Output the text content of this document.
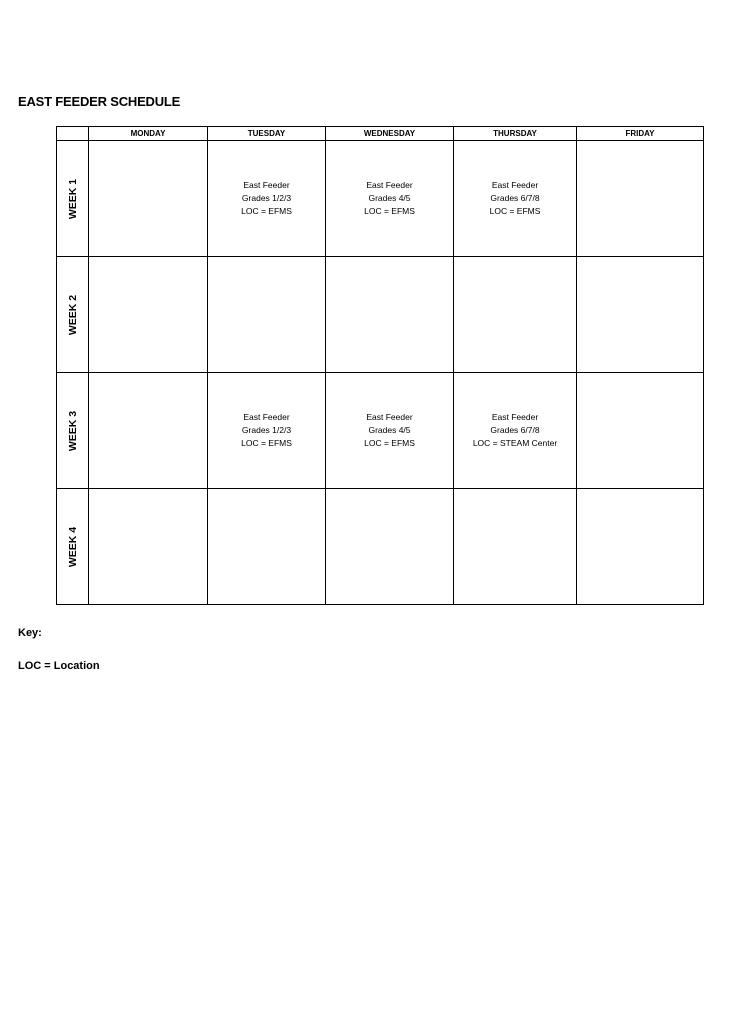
EAST FEEDER SCHEDULE
	MONDAY	TUESDAY	WEDNESDAY	THURSDAY	FRIDAY

WEEK 1		East Feeder
Grades 1/2/3
LOC = EFMS	East Feeder
Grades 4/5
LOC = EFMS	East Feeder
Grades 6/7/8
LOC = EFMS	

WEEK 2					

WEEK 3		East Feeder
Grades 1/2/3
LOC = EFMS	East Feeder
Grades 4/5
LOC = EFMS	East Feeder
Grades 6/7/8
LOC = STEAM Center	

WEEK 4					

Key:
LOC = Location
